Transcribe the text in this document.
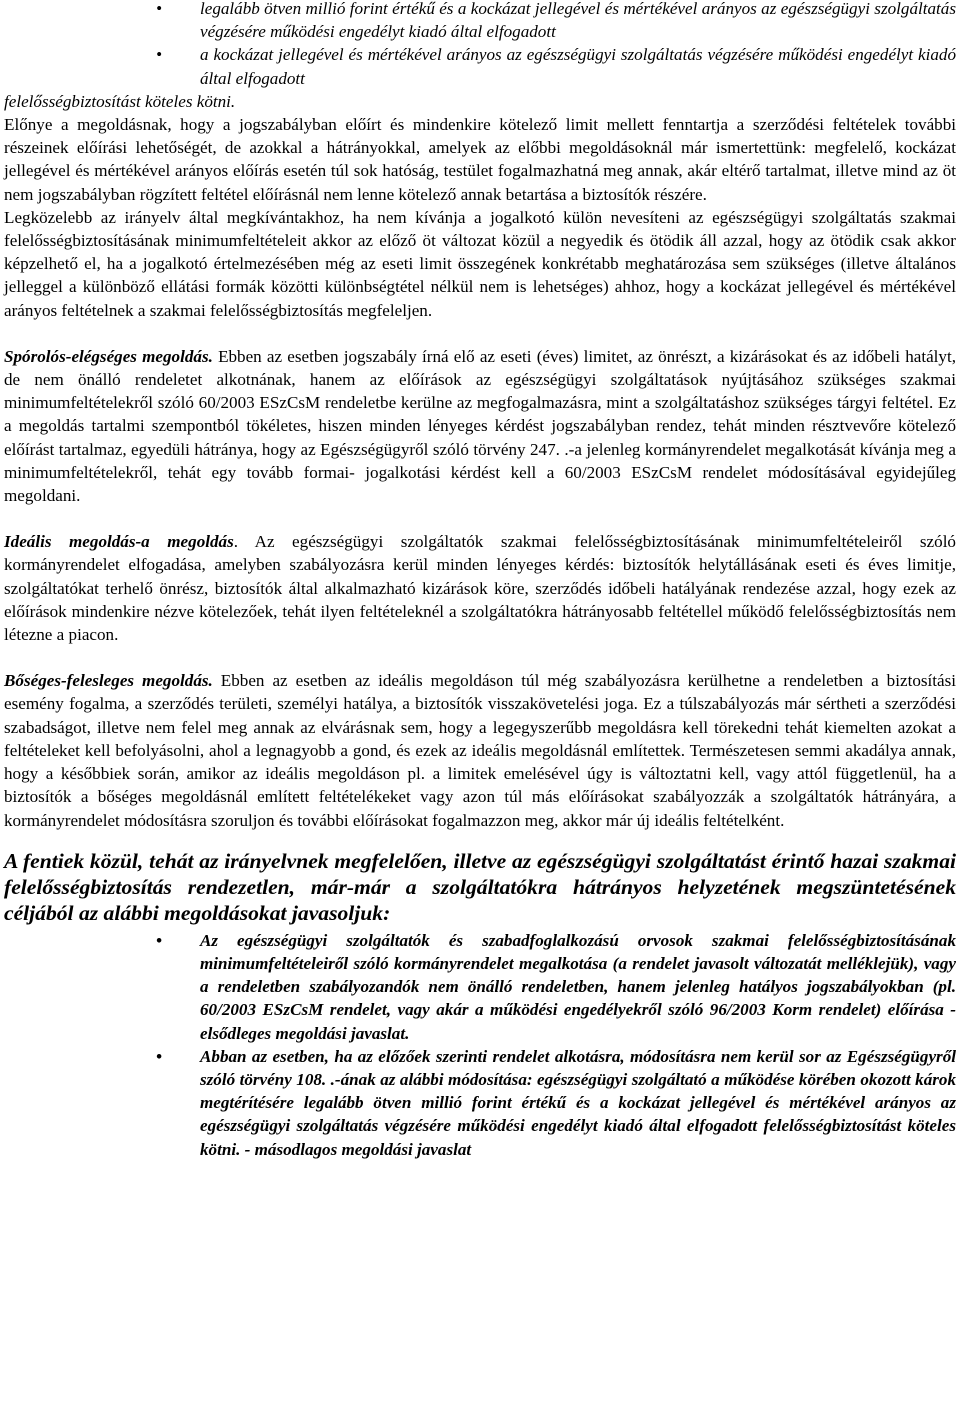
• legalább ötven millió forint értékű és a kockázat jellegével és mértékével arányos az egészségügyi szolgáltatás végzésére működési engedélyt kiadó által elfogadott

• a kockázat jellegével és mértékével arányos az egészségügyi szolgáltatás végzésére működési engedélyt kiadó által elfogadott

felelősségbiztosítást köteles kötni.

Előnye a megoldásnak, hogy a jogszabályban előírt és mindenkire kötelező limit mellett fenntartja a szerződési feltételek további részeinek előírási lehetőségét, de azokkal a hátrányokkal, amelyek az előbbi megoldásoknál már ismertettünk: megfelelő, kockázat jellegével és mértékével arányos előírás esetén túl sok hatóság, testület fogalmazhatná meg annak, akár eltérő tartalmat, illetve mind az öt nem jogszabályban rögzített feltétel előírásnál nem lenne kötelező annak betartása a biztosítók részére.

Legközelebb az irányelv által megkívántakhoz, ha nem kívánja a jogalkotó külön nevesíteni az egészségügyi szolgáltatás szakmai felelősségbiztosításának minimumfeltételeit akkor az előző öt változat közül a negyedik és ötödik áll azzal, hogy az ötödik csak akkor képzelhető el, ha a jogalkotó értelmezésében még az eseti limit összegének konkrétabb meghatározása sem szükséges (illetve általános jelleggel a különböző ellátási formák közötti különbségtétel nélkül nem is lehetséges) ahhoz, hogy a kockázat jellegével és mértékével arányos feltételnek a szakmai felelősségbiztosítás megfeleljen.

Spórolós-elégséges megoldás. Ebben az esetben jogszabály írná elő az eseti (éves) limitet, az önrészt, a kizárásokat és az időbeli hatályt, de nem önálló rendeletet alkotnának, hanem az előírások az egészségügyi szolgáltatások nyújtásához szükséges szakmai minimumfeltételekről szóló 60/2003 ESzCsM rendeletbe kerülne az megfogalmazásra, mint a szolgáltatáshoz szükséges tárgyi feltétel. Ez a megoldás tartalmi szempontból tökéletes, hiszen minden lényeges kérdést jogszabályban rendez, tehát minden résztvevőre kötelező előírást tartalmaz, egyedüli hátránya, hogy az Egészségügyről szóló törvény 247. .-a jelenleg kormányrendelet megalkotását kívánja meg a minimumfeltételekről, tehát egy tovább formai- jogalkotási kérdést kell a 60/2003 ESzCsM rendelet módosításával egyidejűleg megoldani.

Ideális megoldás-a megoldás. Az egészségügyi szolgáltatók szakmai felelősségbiztosításának minimumfeltételeiről szóló kormányrendelet elfogadása, amelyben szabályozásra kerül minden lényeges kérdés: biztosítók helytállásának eseti és éves limitje, szolgáltatókat terhelő önrész, biztosítók által alkalmazható kizárások köre, szerződés időbeli hatályának rendezése azzal, hogy ezek az előírások mindenkire nézve kötelezőek, tehát ilyen feltételeknél a szolgáltatókra hátrányosabb feltétellel működő felelősségbiztosítás nem létezne a piacon.

Bőséges-felesleges megoldás. Ebben az esetben az ideális megoldáson túl még szabályozásra kerülhetne a rendeletben a biztosítási esemény fogalma, a szerződés területi, személyi hatálya, a biztosítók visszakövetelési joga. Ez a túlszabályozás már sértheti a szerződési szabadságot, illetve nem felel meg annak az elvárásnak sem, hogy a legegyszerűbb megoldásra kell törekedni tehát kiemelten azokat a feltételeket kell befolyásolni, ahol a legnagyobb a gond, és ezek az ideális megoldásnál említettek. Természetesen semmi akadálya annak, hogy a későbbiek során, amikor az ideális megoldáson pl. a limitek emelésével úgy is változtatni kell, vagy attól függetlenül, ha a biztosítók a bőséges megoldásnál említett feltételékeket vagy azon túl más előírásokat szabályozzák a szolgáltatók hátrányára, a kormányrendelet módosításra szoruljon és további előírásokat fogalmazzon meg, akkor már új ideális feltételként.

A fentiek közül, tehát az irányelvnek megfelelően, illetve az egészségügyi szolgáltatást érintő hazai szakmai felelősségbiztosítás rendezetlen, már-már a szolgáltatókra hátrányos helyzetének megszüntetésének céljából az alábbi megoldásokat javasoljuk:

• Az egészségügyi szolgáltatók és szabadfoglalkozású orvosok szakmai felelősségbiztosításának minimumfeltételeiről szóló kormányrendelet megalkotása (a rendelet javasolt változatát melléklejük), vagy a rendeletben szabályozandók nem önálló rendeletben, hanem jelenleg hatályos jogszabályokban (pl. 60/2003 ESzCsM rendelet, vagy akár a működési engedélyekről szóló 96/2003 Korm rendelet) előírása - elsődleges megoldási javaslat.

• Abban az esetben, ha az előzőek szerinti rendelet alkotásra, módosításra nem kerül sor az Egészségügyről szóló törvény 108. .-ának az alábbi módosítása: egészségügyi szolgáltató a működése körében okozott károk megtérítésére legalább ötven millió forint értékű és a kockázat jellegével és mértékével arányos az egészségügyi szolgáltatás végzésére működési engedélyt kiadó által elfogadott felelősségbiztosítást köteles kötni. - másodlagos megoldási javaslat
